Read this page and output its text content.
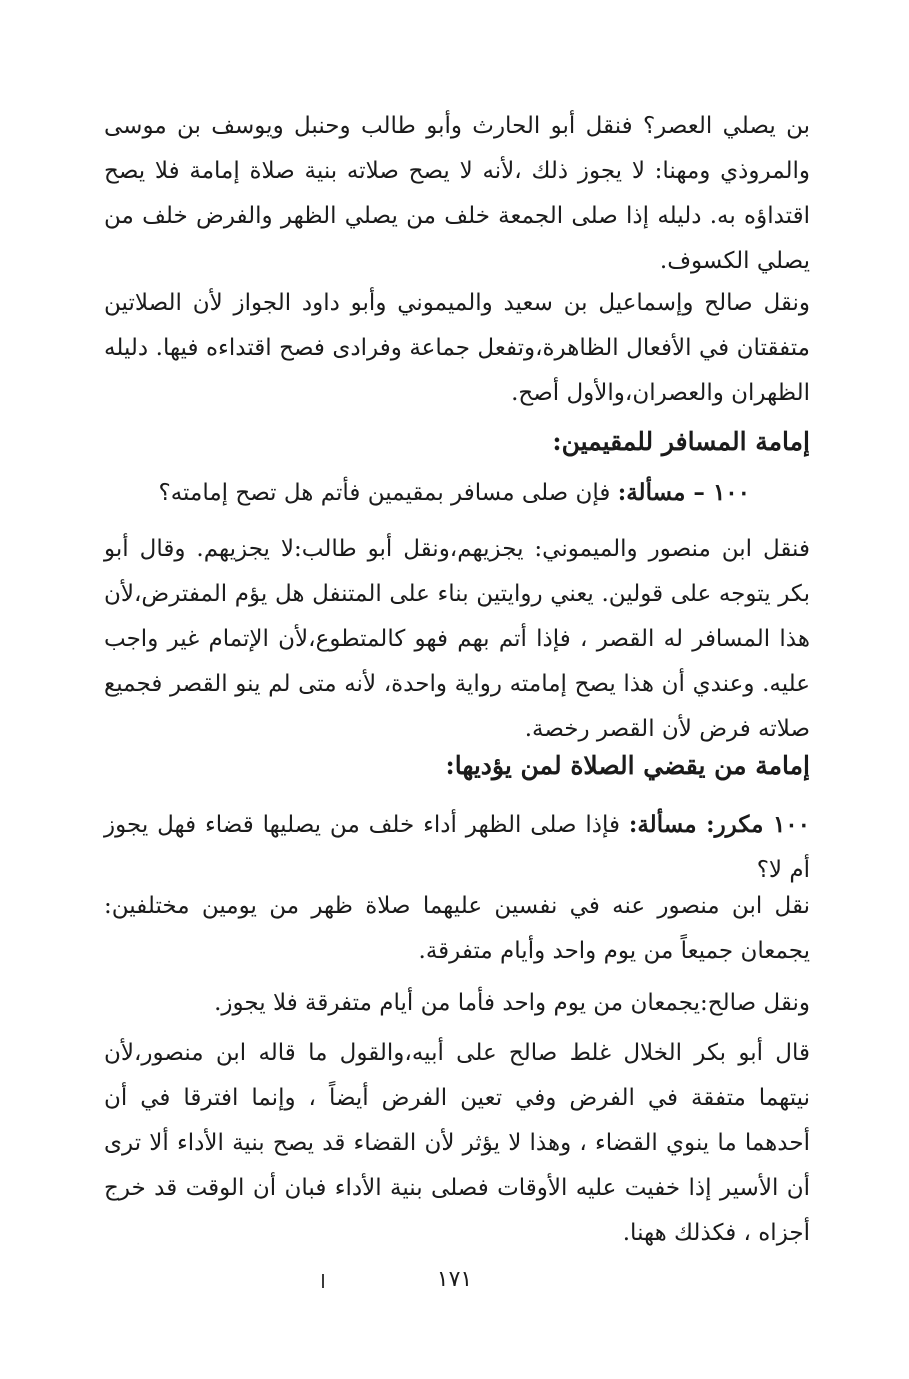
بن يصلي العصر؟ فنقل أبو الحارث وأبو طالب وحنبل ويوسف بن موسى والمروذي ومهنا: لا يجوز ذلك ،لأنه لا يصح صلاته بنية صلاة إمامة فلا يصح اقتداؤه به. دليله إذا صلى الجمعة خلف من يصلي الظهر والفرض خلف من يصلي الكسوف.

ونقل صالح وإسماعيل بن سعيد والميموني وأبو داود الجواز لأن الصلاتين متفقتان في الأفعال الظاهرة،وتفعل جماعة وفرادى فصح اقتداءه فيها. دليله الظهران والعصران،والأول أصح.

إمامة المسافر للمقيمين:

١٠٠ – مسألة: فإن صلى مسافر بمقيمين فأتم هل تصح إمامته؟

فنقل ابن منصور والميموني: يجزيهم،ونقل أبو طالب:لا يجزيهم. وقال أبو بكر يتوجه على قولين. يعني روايتين بناء على المتنفل هل يؤم المفترض،لأن هذا المسافر له القصر ، فإذا أتم بهم فهو كالمتطوع،لأن الإتمام غير واجب عليه. وعندي أن هذا يصح إمامته رواية واحدة، لأنه متى لم ينو القصر فجميع صلاته فرض لأن القصر رخصة.

إمامة من يقضي الصلاة لمن يؤديها:

١٠٠ مكرر: مسألة: فإذا صلى الظهر أداء خلف من يصليها قضاء فهل يجوز أم لا؟

نقل ابن منصور عنه في نفسين عليهما صلاة ظهر من يومين مختلفين: يجمعان جميعاً من يوم واحد وأيام متفرقة.

ونقل صالح:يجمعان من يوم واحد فأما من أيام متفرقة فلا يجوز.

قال أبو بكر الخلال غلط صالح على أبيه،والقول ما قاله ابن منصور،لأن نيتهما متفقة في الفرض وفي تعين الفرض أيضاً ، وإنما افترقا في أن أحدهما ما ينوي القضاء ، وهذا لا يؤثر لأن القضاء قد يصح بنية الأداء ألا ترى أن الأسير إذا خفيت عليه الأوقات فصلى بنية الأداء فبان أن الوقت قد خرج أجزاه ، فكذلك ههنا.

١٧١
